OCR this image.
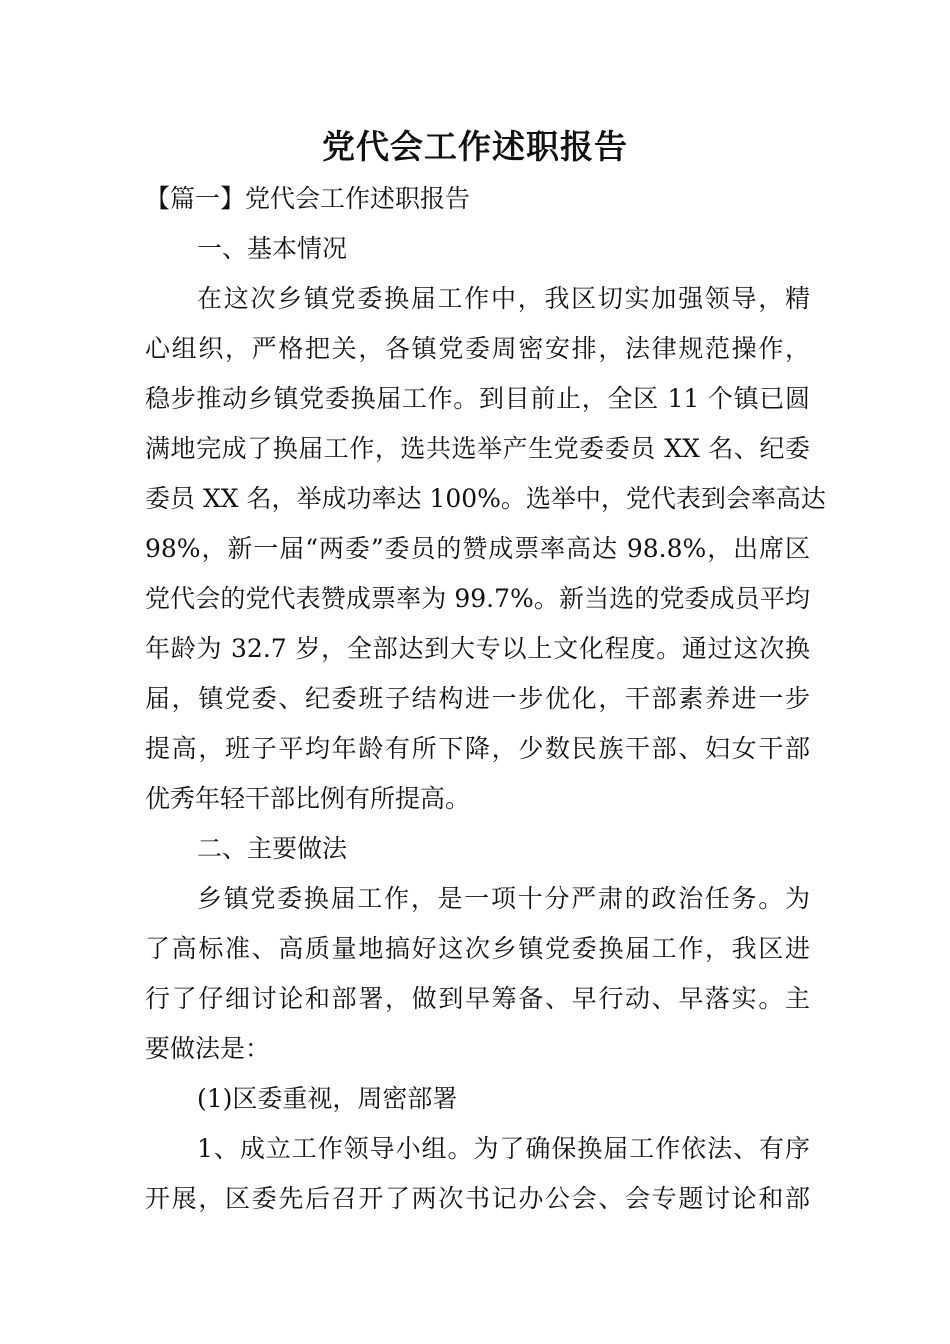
党代会工作述职报告
【篇一】党代会工作述职报告
一、基本情况
在这次乡镇党委换届工作中，我区切实加强领导，精
心组织，严格把关，各镇党委周密安排，法律规范操作，
稳步推动乡镇党委换届工作。到目前止，全区 11 个镇已圆
满地完成了换届工作，选共选举产生党委委员 XX 名、纪委
委员 XX 名，举成功率达 100%。选举中，党代表到会率高达
98%，新一届“两委”委员的赞成票率高达 98.8%，出席区
党代会的党代表赞成票率为 99.7%。新当选的党委成员平均
年龄为 32.7 岁，全部达到大专以上文化程度。通过这次换
届，镇党委、纪委班子结构进一步优化，干部素养进一步
提高，班子平均年龄有所下降，少数民族干部、妇女干部
优秀年轻干部比例有所提高。
二、主要做法
乡镇党委换届工作，是一项十分严肃的政治任务。为
了高标准、高质量地搞好这次乡镇党委换届工作，我区进
行了仔细讨论和部署，做到早筹备、早行动、早落实。主
要做法是：
(1)区委重视，周密部署
1、成立工作领导小组。为了确保换届工作依法、有序
开展，区委先后召开了两次书记办公会、会专题讨论和部
